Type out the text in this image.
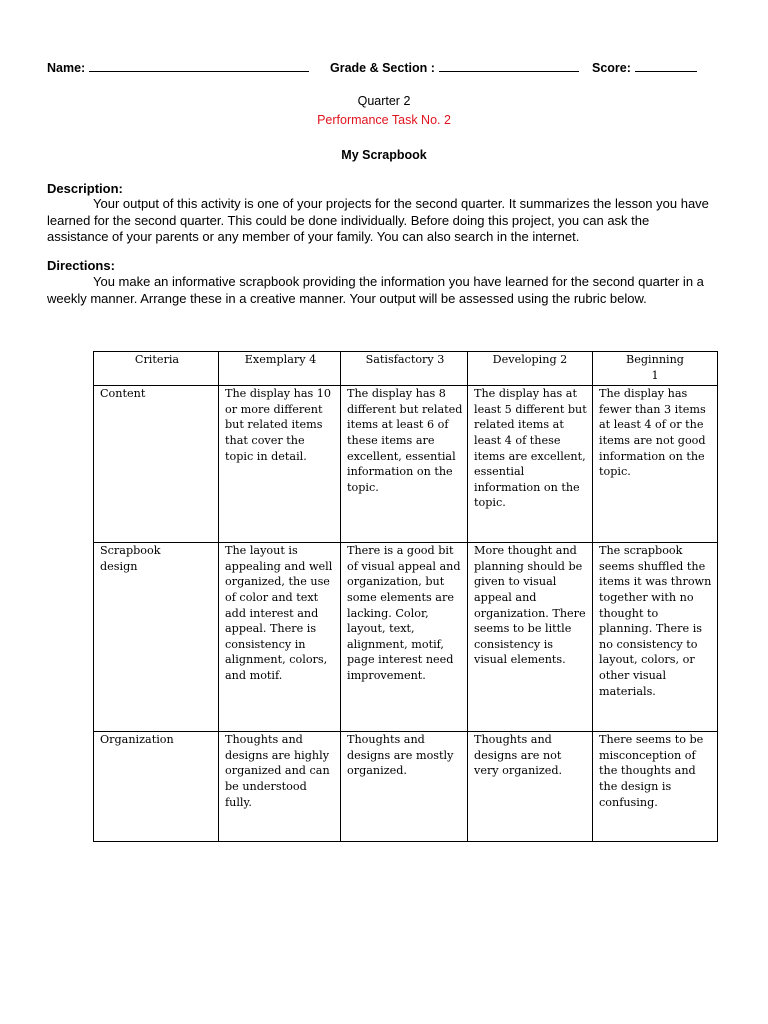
Name:	Grade & Section :	Score:
Quarter 2
Performance Task No. 2
My Scrapbook
Description:

Your output of this activity is one of your projects for the second quarter. It summarizes the lesson you have learned for the second quarter. This could be done individually. Before doing this project, you can ask the assistance of your parents or any member of your family. You can also search in the internet.

Directions:

You make an informative scrapbook providing the information you have learned for the second quarter in a weekly manner. Arrange these in a creative manner. Your output will be assessed using the rubric below.

Criteria	Exemplary 4	Satisfactory 3	Developing 2	Beginning 1
Content	The display has 10 or more different but related items that cover the topic in detail.	The display has 8 different but related items at least 6 of these items are excellent, essential information on the topic.	The display has at least 5 different but related items at least 4 of these items are excellent, essential information on the topic.	The display has fewer than 3 items at least 4 of or the items are not good information on the topic.
Scrapbook design	The layout is appealing and well organized, the use of color and text add interest and appeal. There is consistency in alignment, colors, and motif.	There is a good bit of visual appeal and organization, but some elements are lacking. Color, layout, text, alignment, motif, page interest need improvement.	More thought and planning should be given to visual appeal and organization. There seems to be little consistency is visual elements.	The scrapbook seems shuffled the items it was thrown together with no thought to planning. There is no consistency to layout, colors, or other visual materials.
Organization	Thoughts and designs are highly organized and can be understood fully.	Thoughts and designs are mostly organized.	Thoughts and designs are not very organized.	There seems to be misconception of the thoughts and the design is confusing.
